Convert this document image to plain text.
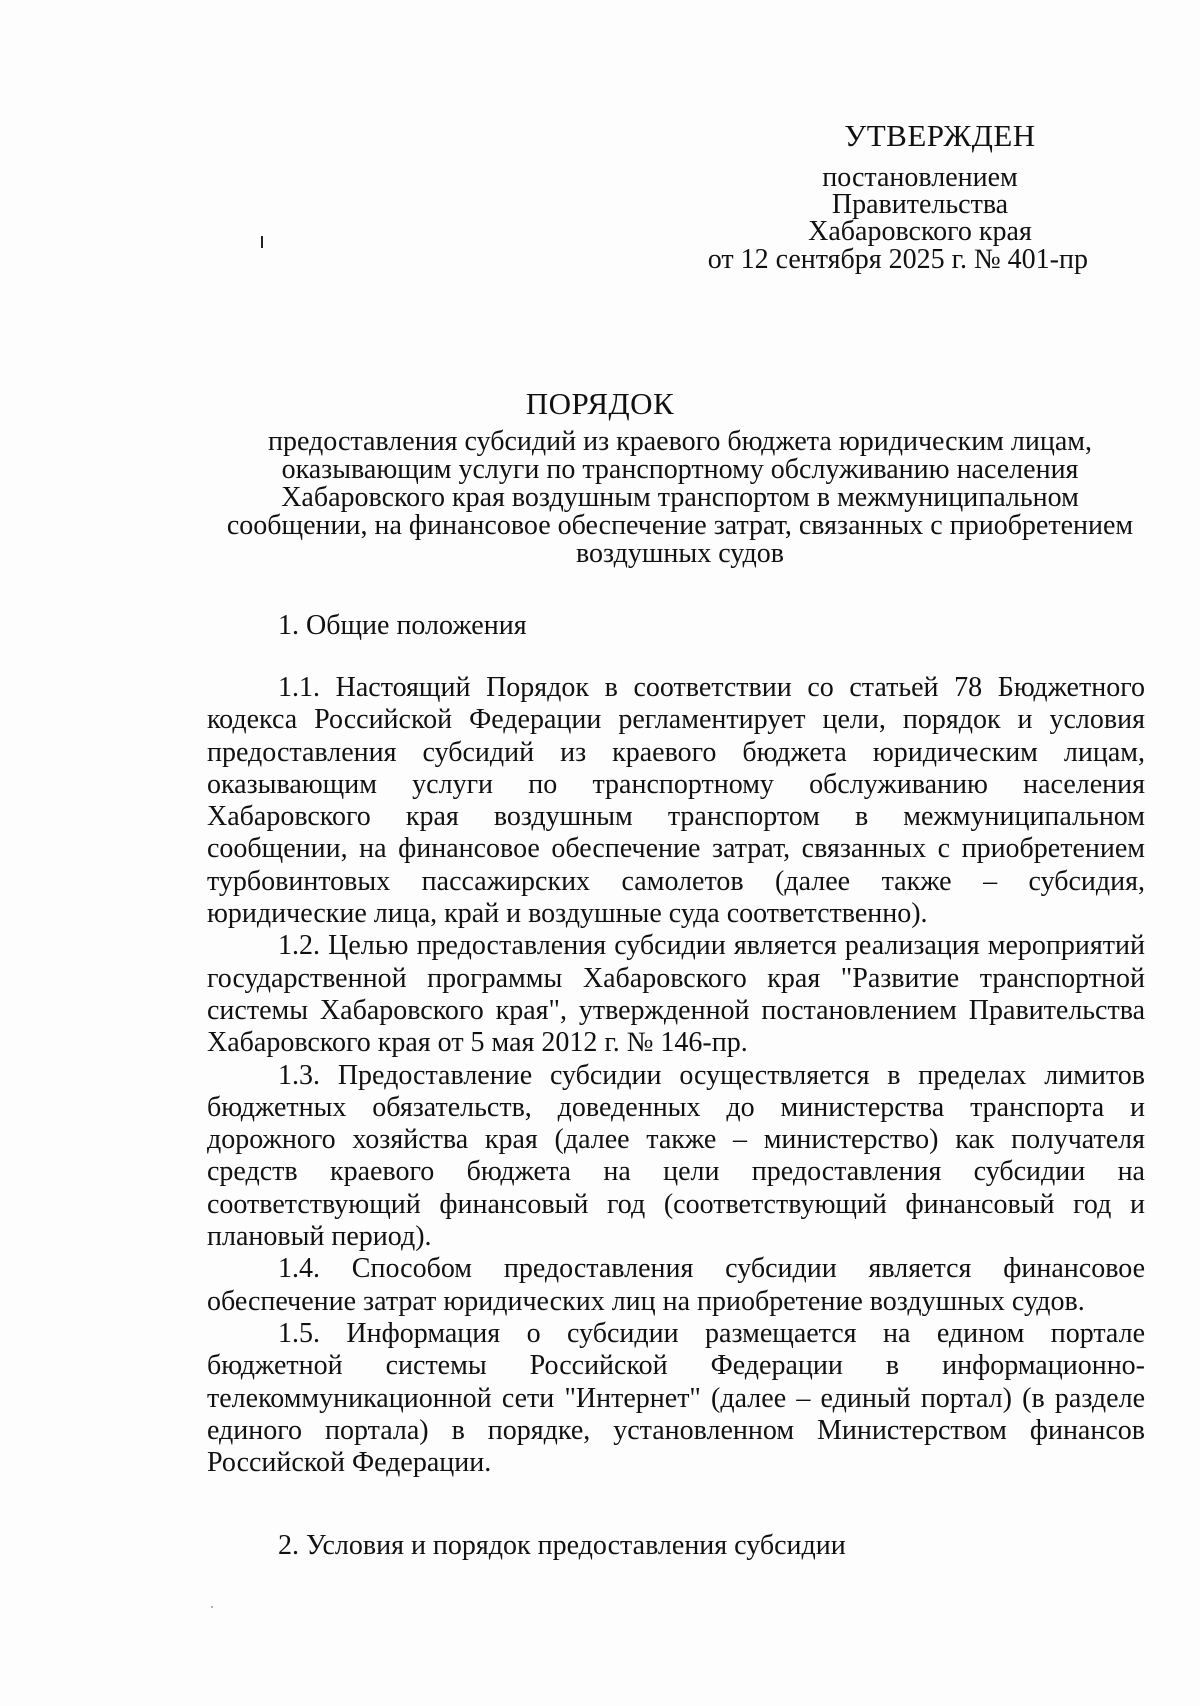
УТВЕРЖДЕН
постановлением
Правительства
Хабаровского края
от 12 сентября 2025 г. № 401-пр
ПОРЯДОК
предоставления субсидий из краевого бюджета юридическим лицам, оказывающим услуги по транспортному обслуживанию населения Хабаровского края воздушным транспортом в межмуниципальном сообщении, на финансовое обеспечение затрат, связанных с приобретением воздушных судов
1. Общие положения

1.1. Настоящий Порядок в соответствии со статьей 78 Бюджетного кодекса Российской Федерации регламентирует цели, порядок и условия предоставления субсидий из краевого бюджета юридическим лицам, оказывающим услуги по транспортному обслуживанию населения Хабаровского края воздушным транспортом в межмуниципальном сообщении, на финансовое обеспечение затрат, связанных с приобретением турбовинтовых пассажирских самолетов (далее также – субсидия, юридические лица, край и воздушные суда соответственно).

1.2. Целью предоставления субсидии является реализация мероприятий государственной программы Хабаровского края "Развитие транспортной системы Хабаровского края", утвержденной постановлением Правительства Хабаровского края от 5 мая 2012 г. № 146-пр.

1.3. Предоставление субсидии осуществляется в пределах лимитов бюджетных обязательств, доведенных до министерства транспорта и дорожного хозяйства края (далее также – министерство) как получателя средств краевого бюджета на цели предоставления субсидии на соответствующий финансовый год (соответствующий финансовый год и плановый период).

1.4. Способом предоставления субсидии является финансовое обеспечение затрат юридических лиц на приобретение воздушных судов.

1.5. Информация о субсидии размещается на едином портале бюджетной системы Российской Федерации в информационно-телекоммуникационной сети "Интернет" (далее – единый портал) (в разделе единого портала) в порядке, установленном Министерством финансов Российской Федерации.

2. Условия и порядок предоставления субсидии
